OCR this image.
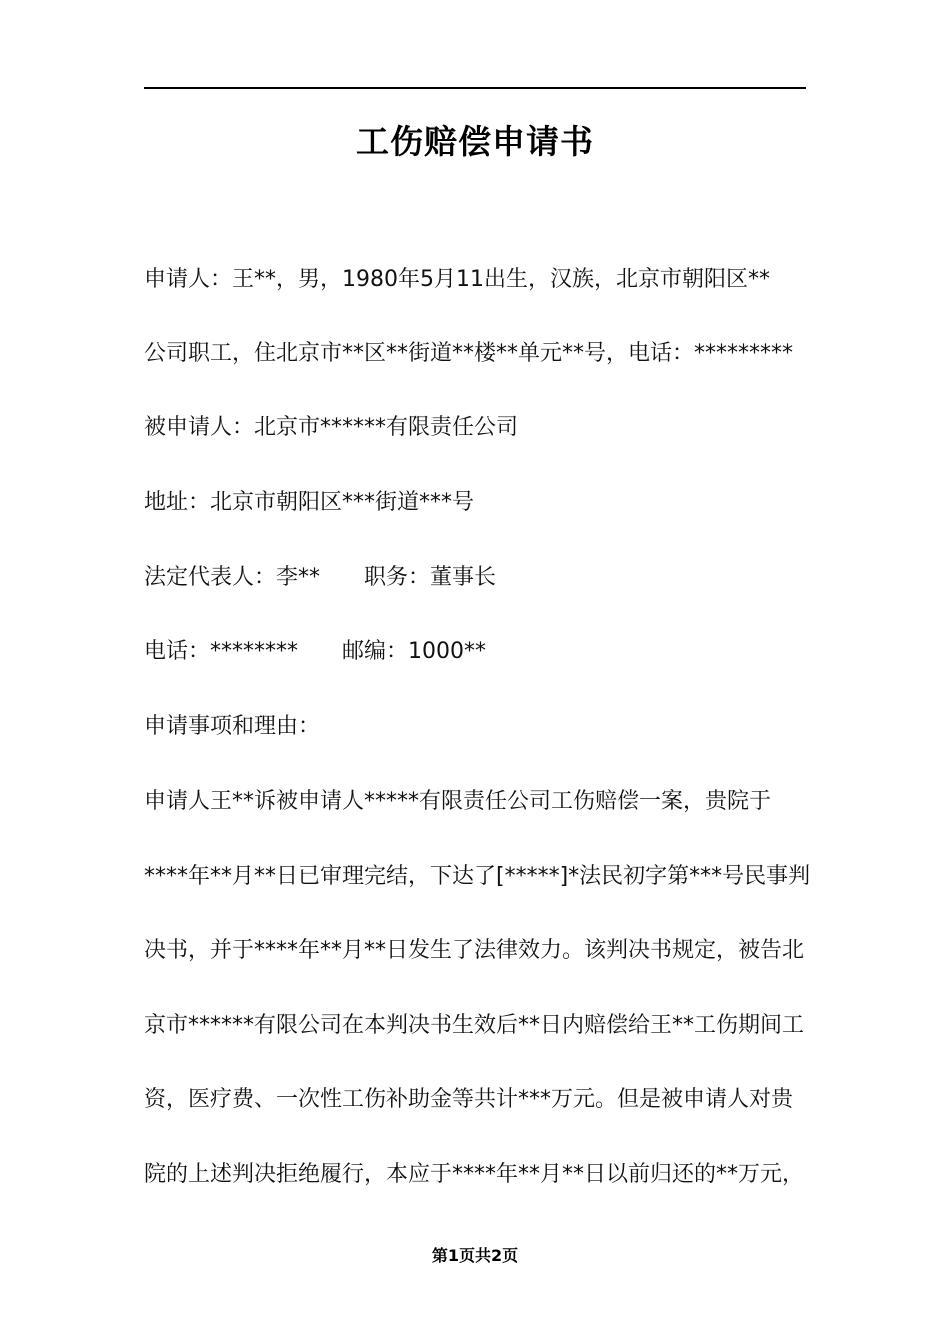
工伤赔偿申请书
申请人：王**，男，1980年5月11出生，汉族，北京市朝阳区**
公司职工，住北京市**区**街道**楼**单元**号，电话：*********
被申请人：北京市******有限责任公司
地址：北京市朝阳区***街道***号
法定代表人：李** 职务：董事长
电话：******** 邮编：1000**
申请事项和理由：
申请人王**诉被申请人*****有限责任公司工伤赔偿一案，贵院于
****年**月**日已审理完结，下达了[*****]*法民初字第***号民事判
决书，并于****年**月**日发生了法律效力。该判决书规定，被告北
京市******有限公司在本判决书生效后**日内赔偿给王**工伤期间工
资，医疗费、一次性工伤补助金等共计***万元。但是被申请人对贵
院的上述判决拒绝履行，本应于****年**月**日以前归还的**万元，
第1页共2页
